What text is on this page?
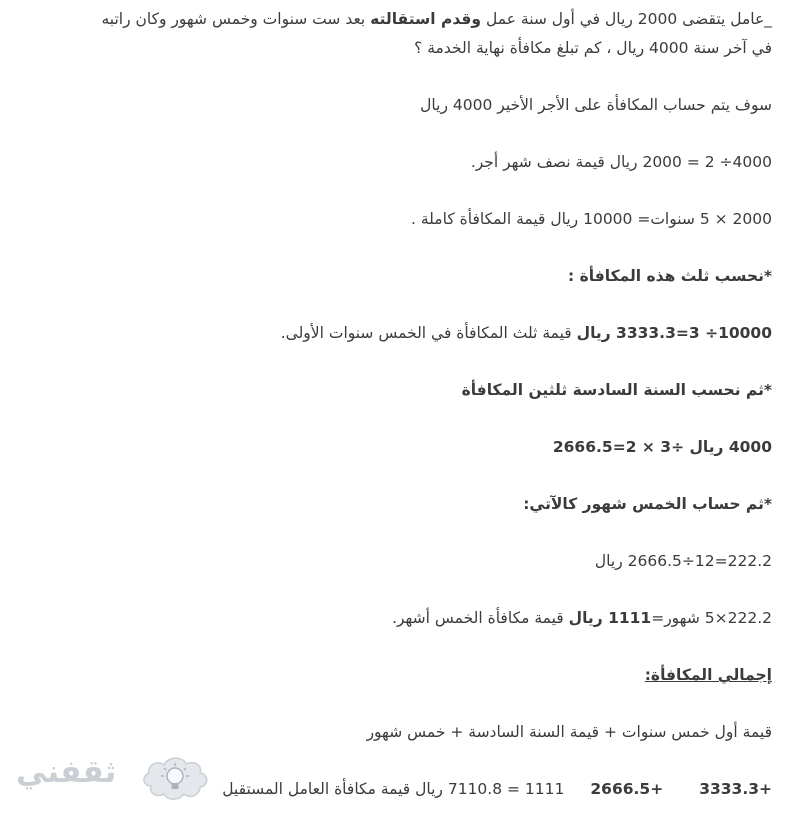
_عامل يتقضى 2000 ريال في أول سنة عمل وقدم استقالته بعد ست سنوات وخمس شهور وكان راتبه
في آخر سنة 4000 ريال ، كم تبلغ مكافأة نهاية الخدمة ؟
سوف يتم حساب المكافأة على الأجر الأخير 4000 ريال
4000÷ 2 = 2000 ريال قيمة نصف شهر أجر.
2000 × 5 سنوات= 10000 ريال قيمة المكافأة كاملة .
*نحسب ثلث هذه المكافأة :
10000÷ 3=3333.3 ريال قيمة ثلث المكافأة في الخمس سنوات الأولى.
*ثم نحسب السنة السادسة ثلثين المكافأة
4000 ريال ÷3 × 2=2666.5
*ثم حساب الخمس شهور كالآتي:
222.2=12÷2666.5 ريال
222.2×5 شهور=1111 ريال قيمة مكافأة الخمس أشهر.
إجمالي المكافأة:
قيمة أول خمس سنوات + قيمة السنة السادسة + خمس شهور
1111 = 7110.8 ريال قيمة مكافأة العامل المستقيل 2666.5+ 3333.3+
ثقفني
